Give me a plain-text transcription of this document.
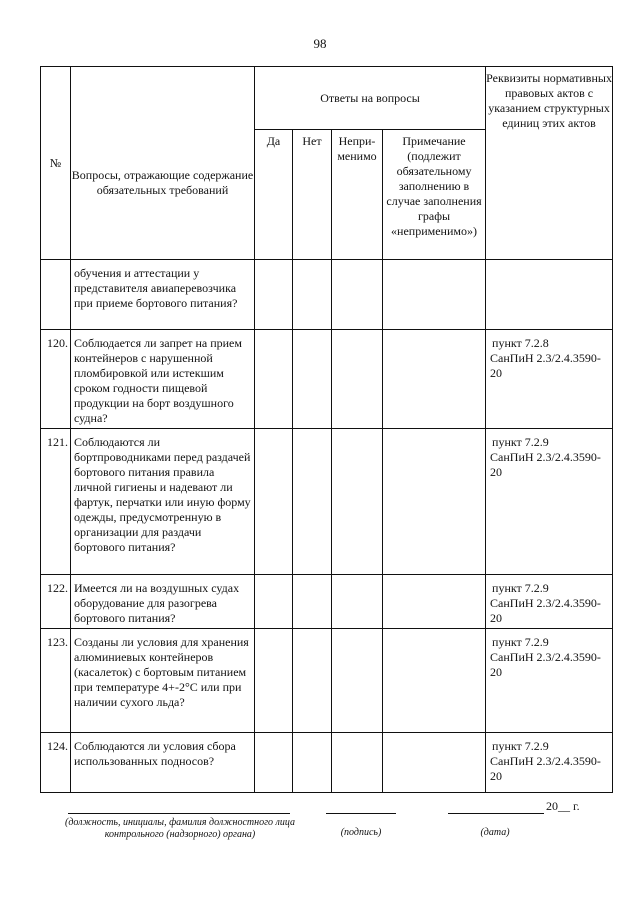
98
№	Вопросы, отражающие содержание обязательных требований	Ответы на вопросы				Реквизиты нормативных правовых актов с указанием структурных единиц этих актов
		Да	Нет	Непри-
менимо	Примечание (подлежит обязательному заполнению в случае заполнения графы «неприменимо»)	
	обучения и аттестации у представителя авиаперевозчика при приеме бортового питания?					

120.	Соблюдается ли запрет на прием контейнеров с нарушенной пломбировкой или истекшим сроком годности пищевой продукции на борт воздушного судна?					пункт 7.2.8
СанПиН 2.3/2.4.3590-20

121.	Соблюдаются ли бортпроводниками перед раздачей бортового питания правила личной гигиены и надевают ли фартук, перчатки или иную форму одежды, предусмотренную в организации для раздачи бортового питания?					пункт 7.2.9
СанПиН 2.3/2.4.3590-20

122.	Имеется ли на воздушных судах оборудование для разогрева бортового питания?					пункт 7.2.9
СанПиН 2.3/2.4.3590-20

123.	Созданы ли условия для хранения алюминиевых контейнеров (касалеток) с бортовым питанием при температуре 4+-2°С или при наличии сухого льда?					пункт 7.2.9
СанПиН 2.3/2.4.3590-20

124.	Соблюдаются ли условия сбора использованных подносов?					пункт 7.2.9
СанПиН 2.3/2.4.3590-20
(должность, инициалы, фамилия должностного лица контрольного (надзорного) органа)	(подпись)
20__ г.
(дата)
